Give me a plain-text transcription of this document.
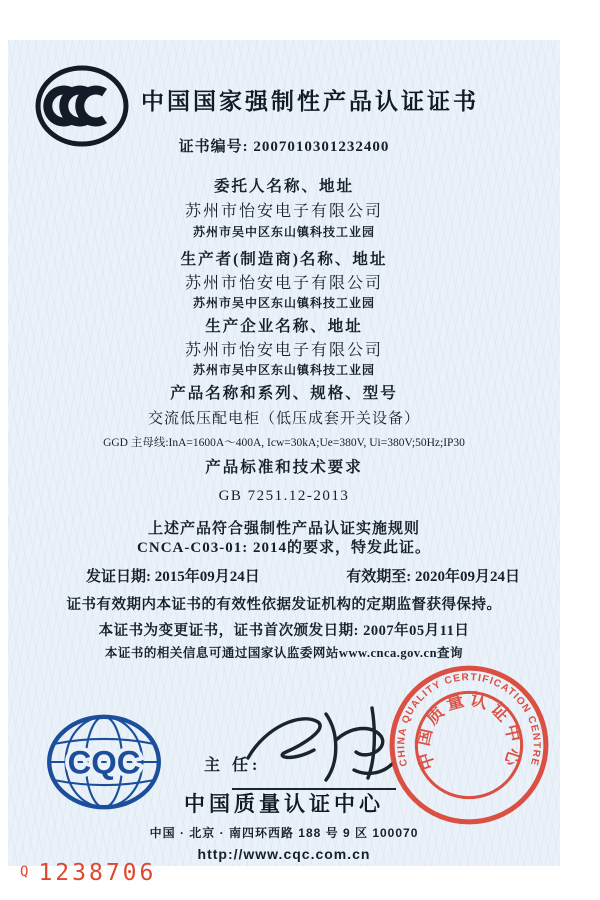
中国国家强制性产品认证证书
证书编号: 2007010301232400
委托人名称、地址
苏州市怡安电子有限公司
苏州市吴中区东山镇科技工业园
生产者(制造商)名称、地址
苏州市怡安电子有限公司
苏州市吴中区东山镇科技工业园
生产企业名称、地址
苏州市怡安电子有限公司
苏州市吴中区东山镇科技工业园
产品名称和系列、规格、型号
交流低压配电柜（低压成套开关设备）
GGD 主母线:InA=1600A～400A, Icw=30kA;Ue=380V, Ui=380V;50Hz;IP30
产品标准和技术要求
GB 7251.12-2013
上述产品符合强制性产品认证实施规则
CNCA-C03-01: 2014的要求，特发此证。
发证日期: 2015年09月24日	有效期至: 2020年09月24日
证书有效期内本证书的有效性依据发证机构的定期监督获得保持。
本证书为变更证书，证书首次颁发日期: 2007年05月11日
本证书的相关信息可通过国家认监委网站www.cnca.gov.cn查询
CQC	主 任:
中国质量认证中心
中国 · 北京 · 南四环西路 188 号 9 区 100070
http://www.cqc.com.cn
CHINA QUALITY CERTIFICATION CENTRE
中国质量认证中心
Q 1238706
